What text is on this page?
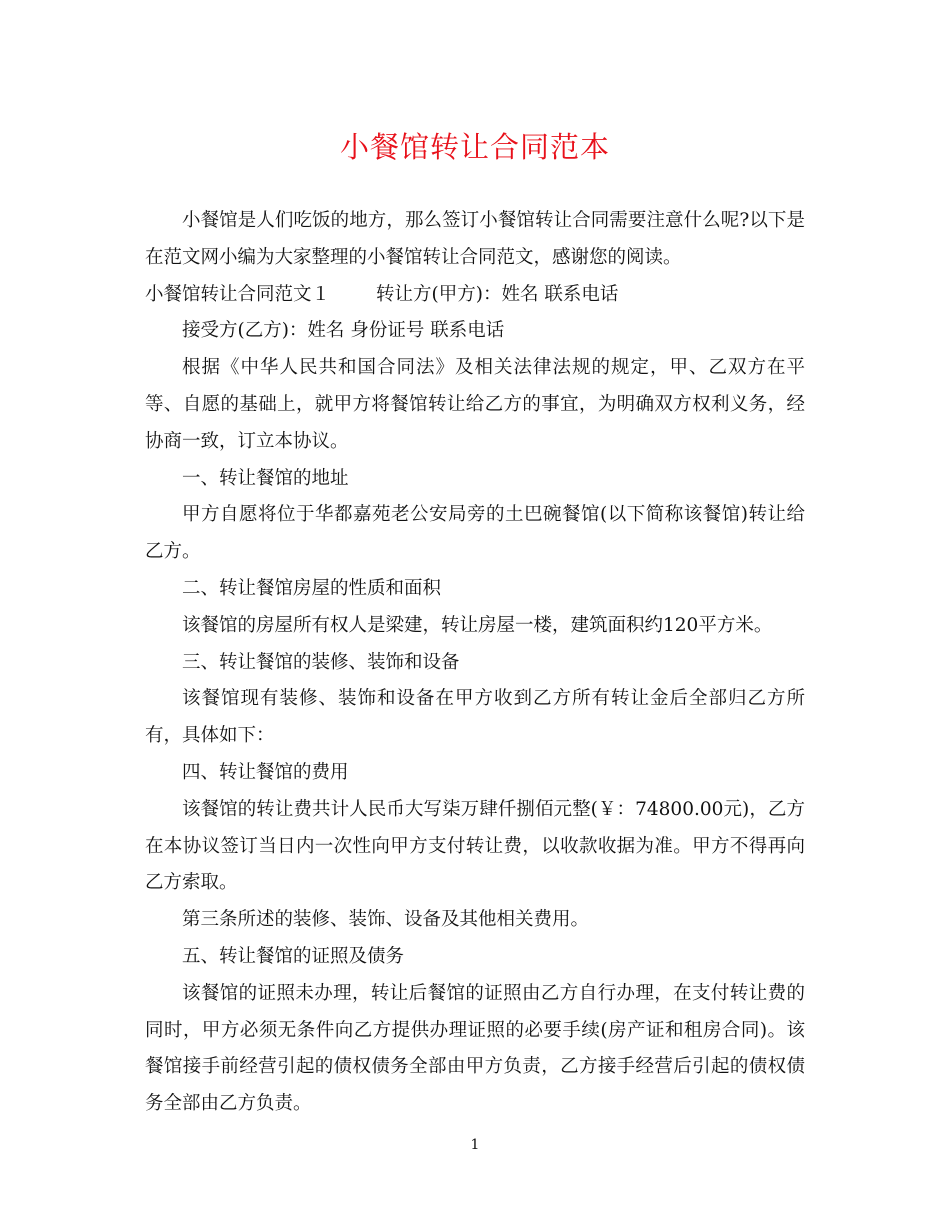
小餐馆转让合同范本

小餐馆是人们吃饭的地方，那么签订小餐馆转让合同需要注意什么呢?以下是在范文网小编为大家整理的小餐馆转让合同范文，感谢您的阅读。

小餐馆转让合同范文１ 转让方(甲方)：姓名 联系电话

接受方(乙方)：姓名 身份证号 联系电话

根据《中华人民共和国合同法》及相关法律法规的规定，甲、乙双方在平等、自愿的基础上，就甲方将餐馆转让给乙方的事宜，为明确双方权利义务，经协商一致，订立本协议。

一、转让餐馆的地址

甲方自愿将位于华都嘉苑老公安局旁的土巴碗餐馆(以下简称该餐馆)转让给乙方。

二、转让餐馆房屋的性质和面积

该餐馆的房屋所有权人是梁建，转让房屋一楼，建筑面积约120平方米。

三、转让餐馆的装修、装饰和设备

该餐馆现有装修、装饰和设备在甲方收到乙方所有转让金后全部归乙方所有，具体如下：

四、转让餐馆的费用

该餐馆的转让费共计人民币大写柒万肆仟捌佰元整(￥：74800.00元)，乙方在本协议签订当日内一次性向甲方支付转让费，以收款收据为准。甲方不得再向乙方索取。

第三条所述的装修、装饰、设备及其他相关费用。

五、转让餐馆的证照及债务

该餐馆的证照未办理，转让后餐馆的证照由乙方自行办理，在支付转让费的同时，甲方必须无条件向乙方提供办理证照的必要手续(房产证和租房合同)。该餐馆接手前经营引起的债权债务全部由甲方负责，乙方接手经营后引起的债权债务全部由乙方负责。

1
